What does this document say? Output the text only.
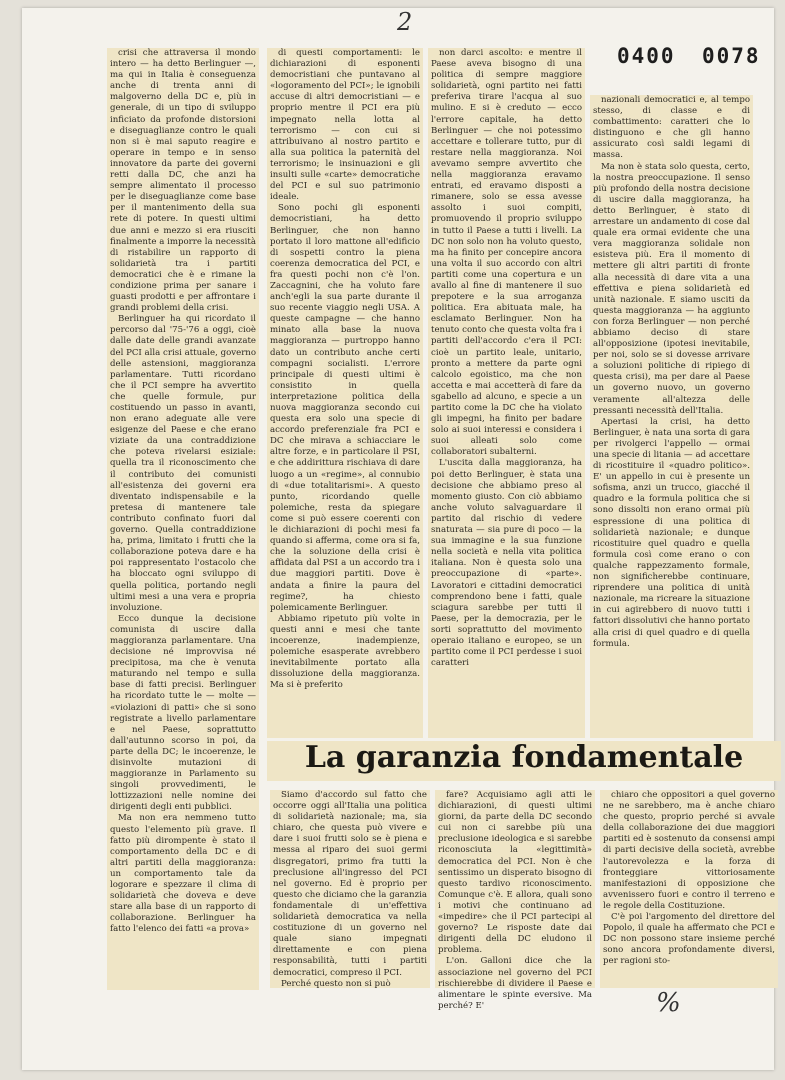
2
0400 0078

crisi che attraversa il mondo intero — ha detto Berlinguer —, ma qui in Italia è conseguenza anche di trenta anni di malgoverno della DC e, più in generale, di un tipo di sviluppo inficiato da profonde distorsioni e diseguaglianze contro le quali non si è mai saputo reagire e operare in tempo e in senso innovatore da parte dei governi retti dalla DC, che anzi ha sempre alimentato il processo per le diseguaglianze come base per il mantenimento della sua rete di potere. In questi ultimi due anni e mezzo si era riusciti finalmente a imporre la necessità di ristabilire un rapporto di solidarietà tra i partiti democratici che è e rimane la condizione prima per sanare i guasti prodotti e per affrontare i grandi problemi della crisi.

Berlinguer ha qui ricordato il percorso dal '75-'76 a oggi, cioè dalle date delle grandi avanzate del PCI alla crisi attuale, governo delle astensioni, maggioranza parlamentare. Tutti ricordano che il PCI sempre ha avvertito che quelle formule, pur costituendo un passo in avanti, non erano adeguate alle vere esigenze del Paese e che erano viziate da una contraddizione che poteva rivelarsi esiziale: quella tra il riconoscimento che il contributo dei comunisti all'esistenza dei governi era diventato indispensabile e la pretesa di mantenere tale contributo confinato fuori dal governo. Quella contraddizione ha, prima, limitato i frutti che la collaborazione poteva dare e ha poi rappresentato l'ostacolo che ha bloccato ogni sviluppo di quella politica, portando negli ultimi mesi a una vera e propria involuzione.

Ecco dunque la decisione comunista di uscire dalla maggioranza parlamentare. Una decisione né improvvisa né precipitosa, ma che è venuta maturando nel tempo e sulla base di fatti precisi. Berlinguer ha ricordato tutte le — molte — «violazioni di patti» che si sono registrate a livello parlamentare e nel Paese, soprattutto dall'autunno scorso in poi, da parte della DC; le incoerenze, le disinvolte mutazioni di maggioranze in Parlamento su singoli provvedimenti, le lottizzazioni nelle nomine dei dirigenti degli enti pubblici.

Ma non era nemmeno tutto questo l'elemento più grave. Il fatto più dirompente è stato il comportamento della DC e di altri partiti della maggioranza: un comportamento tale da logorare e spezzare il clima di solidarietà che doveva e deve stare alla base di un rapporto di collaborazione. Berlinguer ha fatto l'elenco dei fatti «a prova»

di questi comportamenti: le dichiarazioni di esponenti democristiani che puntavano al «logoramento del PCI»; le ignobili accuse di altri democristiani — e proprio mentre il PCI era più impegnato nella lotta al terrorismo — con cui si attribuivano al nostro partito e alla sua politica la paternità del terrorismo; le insinuazioni e gli insulti sulle «carte» democratiche del PCI e sul suo patrimonio ideale.

Sono pochi gli esponenti democristiani, ha detto Berlinguer, che non hanno portato il loro mattone all'edificio di sospetti contro la piena coerenza democratica del PCI, e fra questi pochi non c'è l'on. Zaccagnini, che ha voluto fare anch'egli la sua parte durante il suo recente viaggio negli USA. A queste campagne — che hanno minato alla base la nuova maggioranza — purtroppo hanno dato un contributo anche certi compagni socialisti. L'errore principale di questi ultimi è consistito in quella interpretazione politica della nuova maggioranza secondo cui questa era solo una specie di accordo preferenziale fra PCI e DC che mirava a schiacciare le altre forze, e in particolare il PSI, e che addirittura rischiava di dare luogo a un «regime», al connubio di «due totalitarismi». A questo punto, ricordando quelle polemiche, resta da spiegare come si può essere coerenti con le dichiarazioni di pochi mesi fa quando si afferma, come ora si fa, che la soluzione della crisi è affidata dal PSI a un accordo tra i due maggiori partiti. Dove è andata a finire la paura del regime?, ha chiesto polemicamente Berlinguer.

Abbiamo ripetuto più volte in questi anni e mesi che tante incoerenze, inadempienze, polemiche esasperate avrebbero inevitabilmente portato alla dissoluzione della maggioranza. Ma si è preferito

non darci ascolto: e mentre il Paese aveva bisogno di una politica di sempre maggiore solidarietà, ogni partito nei fatti preferiva tirare l'acqua al suo mulino. E si è creduto — ecco l'errore capitale, ha detto Berlinguer — che noi potessimo accettare e tollerare tutto, pur di restare nella maggioranza. Noi avevamo sempre avvertito che nella maggioranza eravamo entrati, ed eravamo disposti a rimanere, solo se essa avesse assolto i suoi compiti, promuovendo il proprio sviluppo in tutto il Paese a tutti i livelli. La DC non solo non ha voluto questo, ma ha finito per concepire ancora una volta il suo accordo con altri partiti come una copertura e un avallo al fine di mantenere il suo prepotere e la sua arroganza politica. Era abituata male, ha esclamato Berlinguer. Non ha tenuto conto che questa volta fra i partiti dell'accordo c'era il PCI: cioè un partito leale, unitario, pronto a mettere da parte ogni calcolo egoistico, ma che non accetta e mai accetterà di fare da sgabello ad alcuno, e specie a un partito come la DC che ha violato gli impegni, ha finito per badare solo ai suoi interessi e considera i suoi alleati solo come collaboratori subalterni.

L'uscita dalla maggioranza, ha poi detto Berlinguer, è stata una decisione che abbiamo preso al momento giusto. Con ciò abbiamo anche voluto salvaguardare il partito dal rischio di vedere snaturata — sia pure di poco — la sua immagine e la sua funzione nella società e nella vita politica italiana. Non è questa solo una preoccupazione di «parte». Lavoratori e cittadini democratici comprendono bene i fatti, quale sciagura sarebbe per tutti il Paese, per la democrazia, per le sorti soprattutto del movimento operaio italiano e europeo, se un partito come il PCI perdesse i suoi caratteri

nazionali democratici e, al tempo stesso, di classe e di combattimento: caratteri che lo distinguono e che gli hanno assicurato così saldi legami di massa.

Ma non è stata solo questa, certo, la nostra preoccupazione. Il senso più profondo della nostra decisione di uscire dalla maggioranza, ha detto Berlinguer, è stato di arrestare un andamento di cose dal quale era ormai evidente che una vera maggioranza solidale non esisteva più. Era il momento di mettere gli altri partiti di fronte alla necessità di dare vita a una effettiva e piena solidarietà ed unità nazionale. E siamo usciti da questa maggioranza — ha aggiunto con forza Berlinguer — non perché abbiamo deciso di stare all'opposizione (ipotesi inevitabile, per noi, solo se si dovesse arrivare a soluzioni politiche di ripiego di questa crisi), ma per dare al Paese un governo nuovo, un governo veramente all'altezza delle pressanti necessità dell'Italia.

Apertasi la crisi, ha detto Berlinguer, è nata una sorta di gara per rivolgerci l'appello — ormai una specie di litania — ad accettare di ricostituire il «quadro politico». E' un appello in cui è presente un sofisma, anzi un trucco, giacché il quadro e la formula politica che si sono dissolti non erano ormai più espressione di una politica di solidarietà nazionale; e dunque ricostituire quel quadro e quella formula così come erano o con qualche rappezzamento formale, non significherebbe continuare, riprendere una politica di unità nazionale, ma ricreare la situazione in cui agirebbero di nuovo tutti i fattori dissolutivi che hanno portato alla crisi di quel quadro e di quella formula.

La garanzia fondamentale

Siamo d'accordo sul fatto che occorre oggi all'Italia una politica di solidarietà nazionale; ma, sia chiaro, che questa può vivere e dare i suoi frutti solo se è piena e messa al riparo dei suoi germi disgregatori, primo fra tutti la preclusione all'ingresso del PCI nel governo. Ed è proprio per questo che diciamo che la garanzia fondamentale di un'effettiva solidarietà democratica va nella costituzione di un governo nel quale siano impegnati direttamente e con piena responsabilità, tutti i partiti democratici, compreso il PCI.

Perché questo non si può

fare? Acquisiamo agli atti le dichiarazioni, di questi ultimi giorni, da parte della DC secondo cui non ci sarebbe più una preclusione ideologica e si sarebbe riconosciuta la «legittimità» democratica del PCI. Non è che sentissimo un disperato bisogno di questo tardivo riconoscimento. Comunque c'è. E allora, quali sono i motivi che continuano ad «impedire» che il PCI partecipi al governo? Le risposte date dai dirigenti della DC eludono il problema.

L'on. Galloni dice che la associazione nel governo del PCI rischierebbe di dividere il Paese e alimentare le spinte eversive. Ma perché? E'

chiaro che oppositori a quel governo ne ne sarebbero, ma è anche chiaro che questo, proprio perché si avvale della collaborazione dei due maggiori partiti ed è sostenuto da consensi ampi di parti decisive della società, avrebbe l'autorevolezza e la forza di fronteggiare vittoriosamente manifestazioni di opposizione che avvenissero fuori e contro il terreno e le regole della Costituzione.

C'è poi l'argomento del direttore del Popolo, il quale ha affermato che PCI e DC non possono stare insieme perché sono ancora profondamente diversi, per ragioni sto-

%
